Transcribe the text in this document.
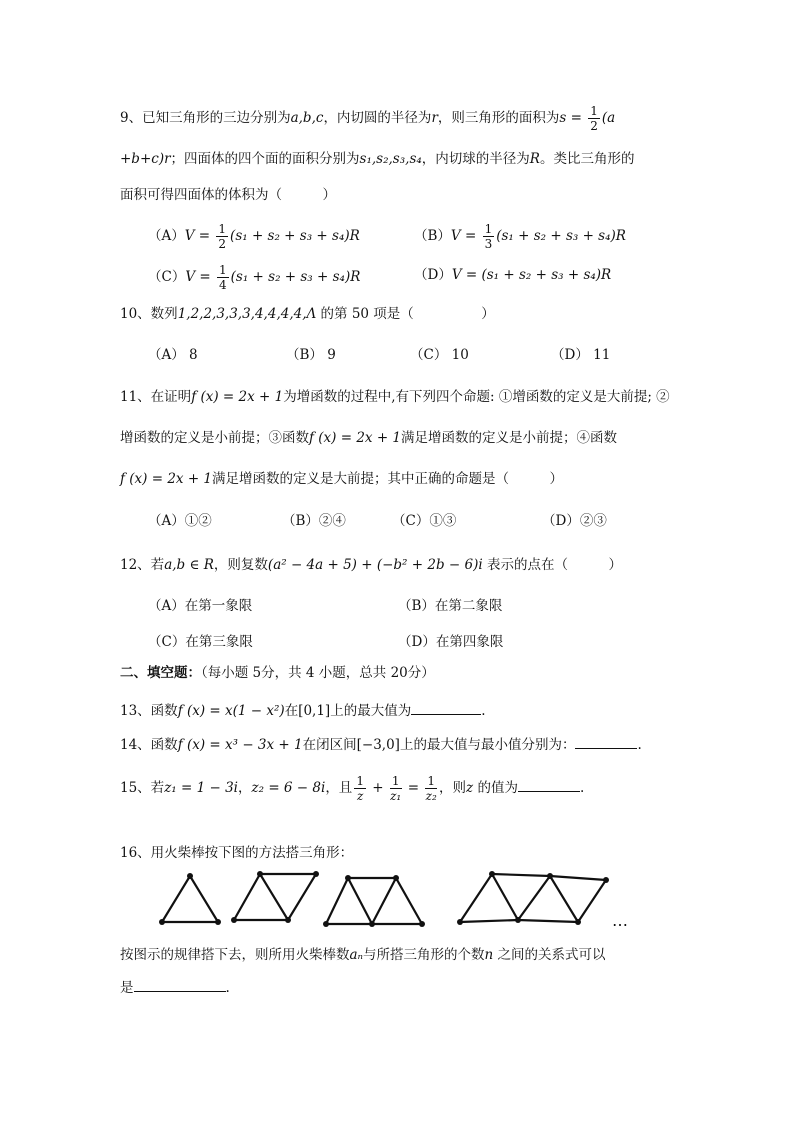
9、已知三角形的三边分别为a,b,c，内切圆的半径为r，则三角形的面积为$s = \frac{1}{2} (a$
+b+c)r；四面体的四个面的面积分别为s₁,s₂,s₃,s₄，内切球的半径为R。类比三角形的
面积可得四面体的体积为（　　　）
$(A)V = \frac{1}{2} (s_1 + s_2 + s_3 + s_4)R$	$(B)V = \frac{1}{3} (s_1 + s_2 + s_3 + s_4)R$
$(C)V = \frac{1}{4} (s_1 + s_2 + s_3 + s_4)R$	（D）V = (s₁ + s₂ + s₃ + s₄)R
10、数列1,2,2,3,3,3,4,4,4,4,Λ 的第 50 项是（　　　　　）
（A） 8	（B） 9	（C） 10	（D） 11
11、在证明f (x) = 2x + 1为增函数的过程中,有下列四个命题: ①增函数的定义是大前提; ②
增函数的定义是小前提；③函数f (x) = 2x + 1满足增函数的定义是小前提；④函数
f (x) = 2x + 1满足增函数的定义是大前提；其中正确的命题是（　　　）
（A）①②	（B）②④	（C）①③	（D）②③
12、若a,b ∈ R，则复数(a² − 4a + 5) + (−b² + 2b − 6)i 表示的点在（　　　）
（A）在第一象限	（B）在第二象限
（C）在第三象限	（D）在第四象限
二、填空题：（每小题 5分，共 4 小题，总共 20分）
13、函数f (x) = x(1 − x²)在[0,1]上的最大值为	.
14、函数f (x) = x³ − 3x + 1在闭区间[−3,0]上的最大值与最小值分别为：	.
15、若z₁ = 1 − 3i，z₂ = 6 − 8i，且 $\frac{1}{z} + \frac{1}{\text{z₁}} = \frac{1}{\text{z₂}}$ ，则z 的值为	.
16、用火柴棒按下图的方法搭三角形：
…
按图示的规律搭下去，则所用火柴棒数aₙ与所搭三角形的个数n 之间的关系式可以
是	.
